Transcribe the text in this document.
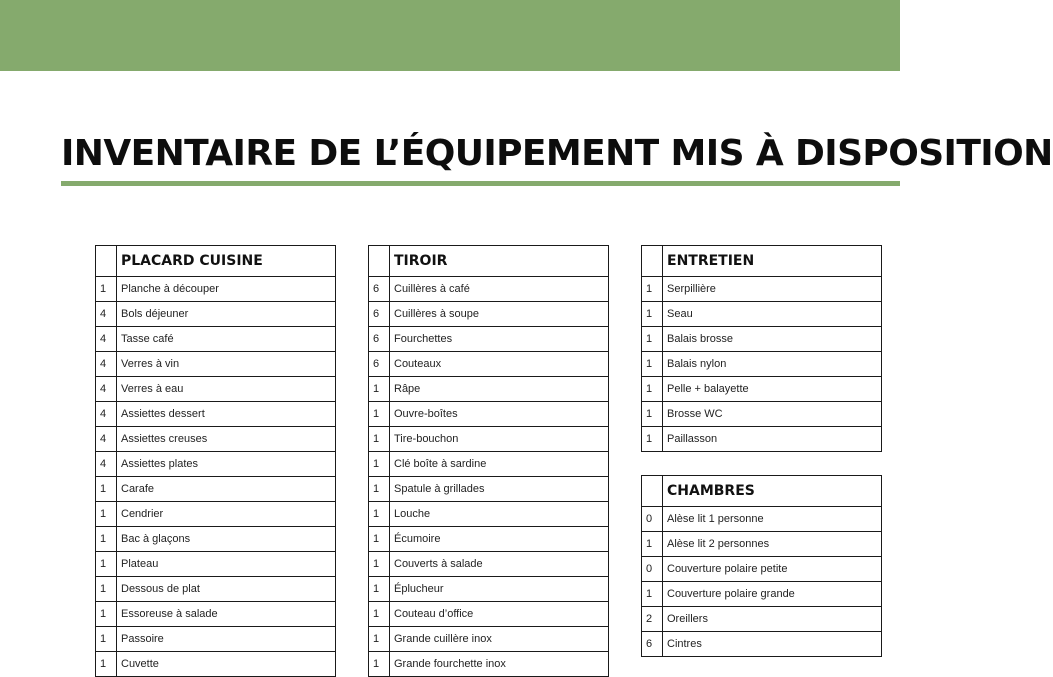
INVENTAIRE DE L’ÉQUIPEMENT MIS À DISPOSITION
	PLACARD CUISINE
1	Planche à découper
4	Bols déjeuner
4	Tasse café
4	Verres à vin
4	Verres à eau
4	Assiettes dessert
4	Assiettes creuses
4	Assiettes plates
1	Carafe
1	Cendrier
1	Bac à glaçons
1	Plateau
1	Dessous de plat
1	Essoreuse à salade
1	Passoire
1	Cuvette
	TIROIR
6	Cuillères à café
6	Cuillères à soupe
6	Fourchettes
6	Couteaux
1	Râpe
1	Ouvre-boîtes
1	Tire-bouchon
1	Clé boîte à sardine
1	Spatule à grillades
1	Louche
1	Écumoire
1	Couverts à salade
1	Éplucheur
1	Couteau d’office
1	Grande cuillère inox
1	Grande fourchette inox
	ENTRETIEN
1	Serpillière
1	Seau
1	Balais brosse
1	Balais nylon
1	Pelle + balayette
1	Brosse WC
1	Paillasson
	CHAMBRES
0	Alèse lit 1 personne
1	Alèse lit 2 personnes
0	Couverture polaire petite
1	Couverture polaire grande
2	Oreillers
6	Cintres
